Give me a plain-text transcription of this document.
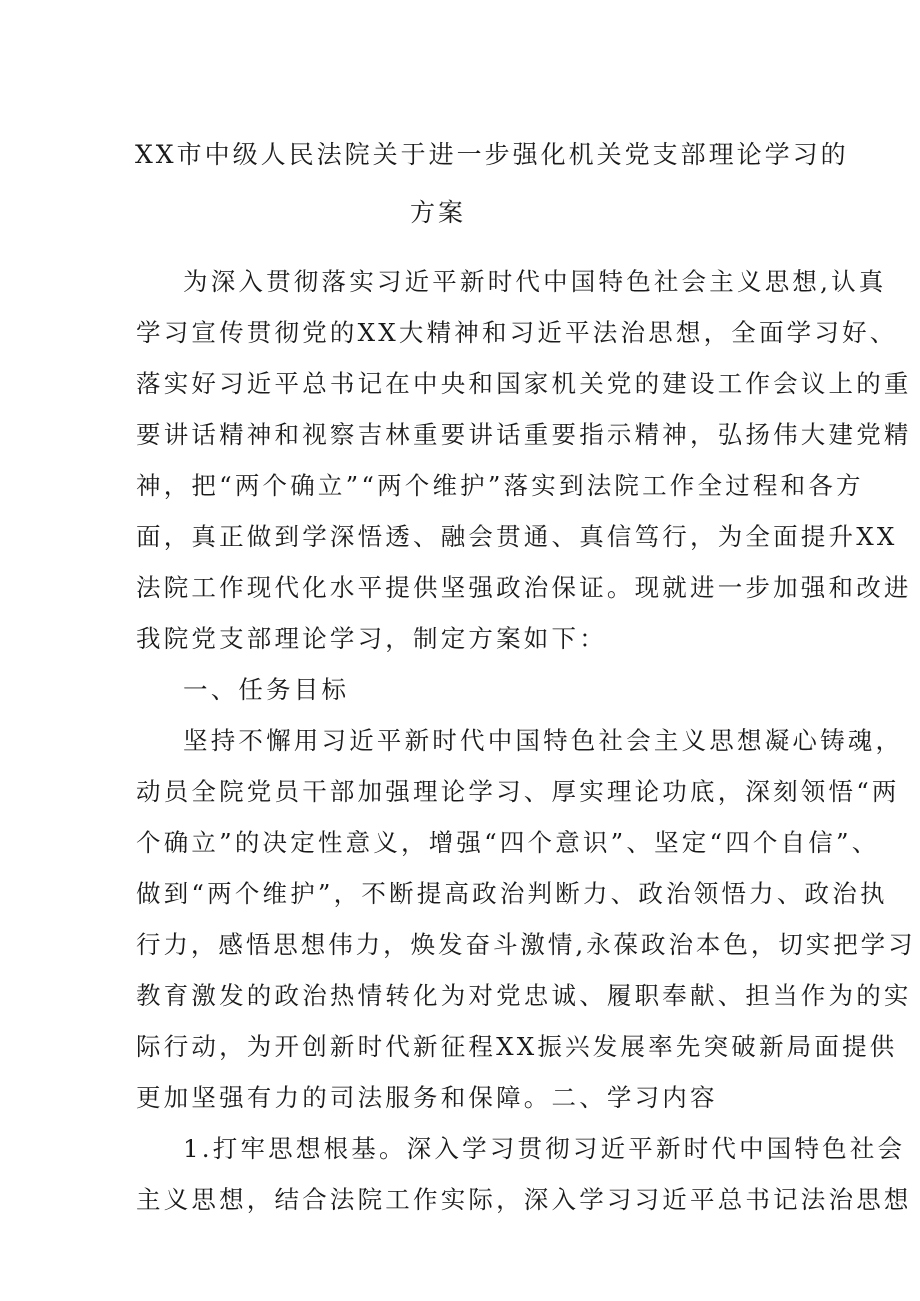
XX市中级人民法院关于进一步强化机关党支部理论学习的
方案
为深入贯彻落实习近平新时代中国特色社会主义思想,认真
学习宣传贯彻党的XX大精神和习近平法治思想，全面学习好、
落实好习近平总书记在中央和国家机关党的建设工作会议上的重
要讲话精神和视察吉林重要讲话重要指示精神，弘扬伟大建党精
神，把“两个确立”“两个维护”落实到法院工作全过程和各方
面，真正做到学深悟透、融会贯通、真信笃行，为全面提升XX
法院工作现代化水平提供坚强政治保证。现就进一步加强和改进
我院党支部理论学习，制定方案如下：
一、任务目标
坚持不懈用习近平新时代中国特色社会主义思想凝心铸魂，
动员全院党员干部加强理论学习、厚实理论功底，深刻领悟“两
个确立”的决定性意义，增强“四个意识”、坚定“四个自信”、
做到“两个维护”，不断提高政治判断力、政治领悟力、政治执
行力，感悟思想伟力，焕发奋斗激情,永葆政治本色，切实把学习
教育激发的政治热情转化为对党忠诚、履职奉献、担当作为的实
际行动，为开创新时代新征程XX振兴发展率先突破新局面提供
更加坚强有力的司法服务和保障。二、学习内容
1.打牢思想根基。深入学习贯彻习近平新时代中国特色社会
主义思想，结合法院工作实际，深入学习习近平总书记法治思想
